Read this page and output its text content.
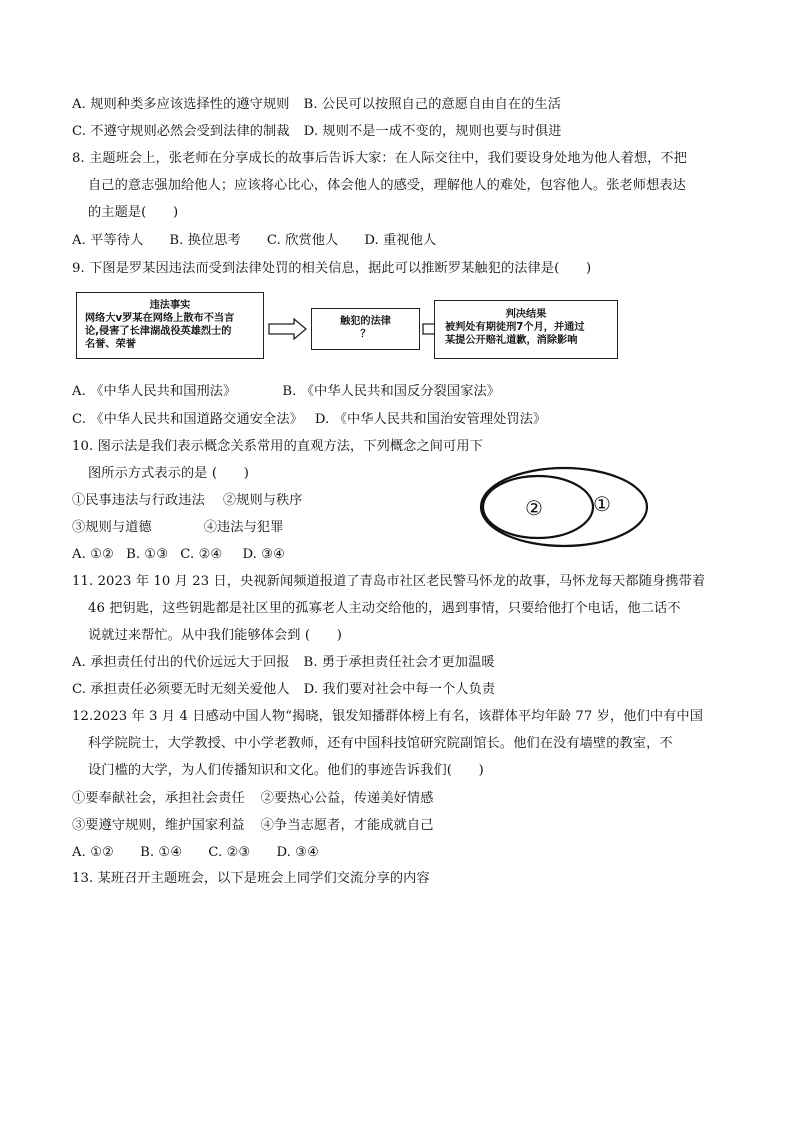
A. 规则种类多应该选择性的遵守规则 B. 公民可以按照自己的意愿自由自在的生活
C. 不遵守规则必然会受到法律的制裁 D. 规则不是一成不变的，规则也要与时俱进
8. 主题班会上，张老师在分享成长的故事后告诉大家：在人际交往中，我们要设身处地为他人着想，不把
自己的意志强加给他人；应该将心比心，体会他人的感受，理解他人的难处，包容他人。张老师想表达
的主题是(　　)
A. 平等待人 B. 换位思考 C. 欣赏他人 D. 重视他人
9. 下图是罗某因违法而受到法律处罚的相关信息，据此可以推断罗某触犯的法律是(　　)
违法事实
网络大v罗某在网络上散布不当言
论,侵害了长津湖战役英雄烈士的
名誉、荣誉
触犯的法律
？
判决结果
被判处有期徒刑7个月，并通过
某提公开赔礼道歉，消除影响
A. 《中华人民共和国刑法》	B. 《中华人民共和国反分裂国家法》
C. 《中华人民共和国道路交通安全法》 D. 《中华人民共和国治安管理处罚法》
10. 图示法是我们表示概念关系常用的直观方法，下列概念之间可用下
图所示方式表示的是 (　　)
①民事违法与行政违法 ②规则与秩序
③规则与道德	④违法与犯罪
A. ①② B. ①③ C. ②④ D. ③④
②	①
11. 2023 年 10 月 23 日，央视新闻频道报道了青岛市社区老民警马怀龙的故事，马怀龙每天都随身携带着
46 把钥匙，这些钥匙都是社区里的孤寡老人主动交给他的，遇到事情，只要给他打个电话，他二话不
说就过来帮忙。从中我们能够体会到 (　　)
A. 承担责任付出的代价远远大于回报 B. 勇于承担责任社会才更加温暖
C. 承担责任必须要无时无刻关爱他人 D. 我们要对社会中每一个人负责
12.2023 年 3 月 4 日感动中国人物“揭晓，银发知播群体榜上有名，该群体平均年龄 77 岁，他们中有中国
科学院院士，大学教授、中小学老教师，还有中国科技馆研究院副馆长。他们在没有墙壁的教室，不
设门槛的大学，为人们传播知识和文化。他们的事迹告诉我们(　　)
①要奉献社会，承担社会责任 ②要热心公益，传递美好情感
③要遵守规则，维护国家利益 ④争当志愿者，才能成就自己
A. ①② B. ①④ C. ②③ D. ③④
13. 某班召开主题班会，以下是班会上同学们交流分享的内容
